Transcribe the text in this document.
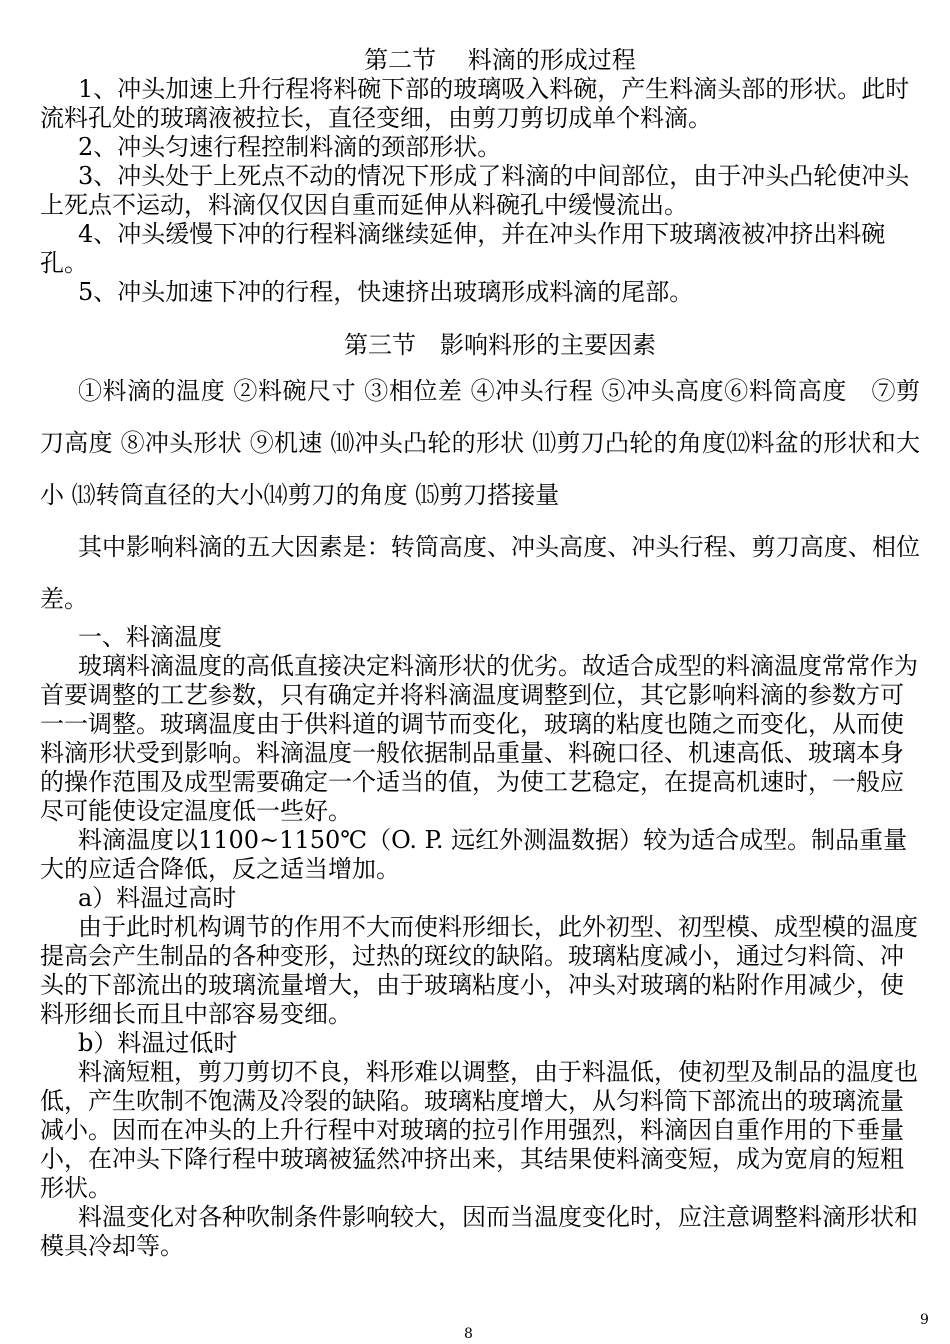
第二节　 料滴的形成过程

1、冲头加速上升行程将料碗下部的玻璃吸入料碗，产生料滴头部的形状。此时流料孔处的玻璃液被拉长，直径变细，由剪刀剪切成单个料滴。

2、冲头匀速行程控制料滴的颈部形状。

3、冲头处于上死点不动的情况下形成了料滴的中间部位，由于冲头凸轮使冲头上死点不运动，料滴仅仅因自重而延伸从料碗孔中缓慢流出。

4、冲头缓慢下冲的行程料滴继续延伸，并在冲头作用下玻璃液被冲挤出料碗孔。

5、冲头加速下冲的行程，快速挤出玻璃形成料滴的尾部。

第三节　影响料形的主要因素

①料滴的温度 ②料碗尺寸 ③相位差 ④冲头行程 ⑤冲头高度⑥料筒高度　⑦剪刀高度 ⑧冲头形状 ⑨机速 ⑽冲头凸轮的形状 ⑾剪刀凸轮的角度⑿料盆的形状和大小 ⒀转筒直径的大小⒁剪刀的角度 ⒂剪刀搭接量

其中影响料滴的五大因素是：转筒高度、冲头高度、冲头行程、剪刀高度、相位差。

一、料滴温度

玻璃料滴温度的高低直接决定料滴形状的优劣。故适合成型的料滴温度常常作为首要调整的工艺参数，只有确定并将料滴温度调整到位，其它影响料滴的参数方可一一调整。玻璃温度由于供料道的调节而变化，玻璃的粘度也随之而变化，从而使料滴形状受到影响。料滴温度一般依据制品重量、料碗口径、机速高低、玻璃本身的操作范围及成型需要确定一个适当的值，为使工艺稳定，在提高机速时，一般应尽可能使设定温度低一些好。

料滴温度以1100~1150℃（O. P. 远红外测温数据）较为适合成型。制品重量大的应适合降低，反之适当增加。

a）料温过高时

由于此时机构调节的作用不大而使料形细长，此外初型、初型模、成型模的温度提高会产生制品的各种变形，过热的斑纹的缺陷。玻璃粘度减小，通过匀料筒、冲头的下部流出的玻璃流量增大，由于玻璃粘度小，冲头对玻璃的粘附作用减少，使料形细长而且中部容易变细。

b）料温过低时

料滴短粗，剪刀剪切不良，料形难以调整，由于料温低，使初型及制品的温度也低，产生吹制不饱满及冷裂的缺陷。玻璃粘度增大，从匀料筒下部流出的玻璃流量减小。因而在冲头的上升行程中对玻璃的拉引作用强烈，料滴因自重作用的下垂量小，在冲头下降行程中玻璃被猛然冲挤出来，其结果使料滴变短，成为宽肩的短粗形状。

料温变化对各种吹制条件影响较大，因而当温度变化时，应注意调整料滴形状和模具冷却等。

9
8
